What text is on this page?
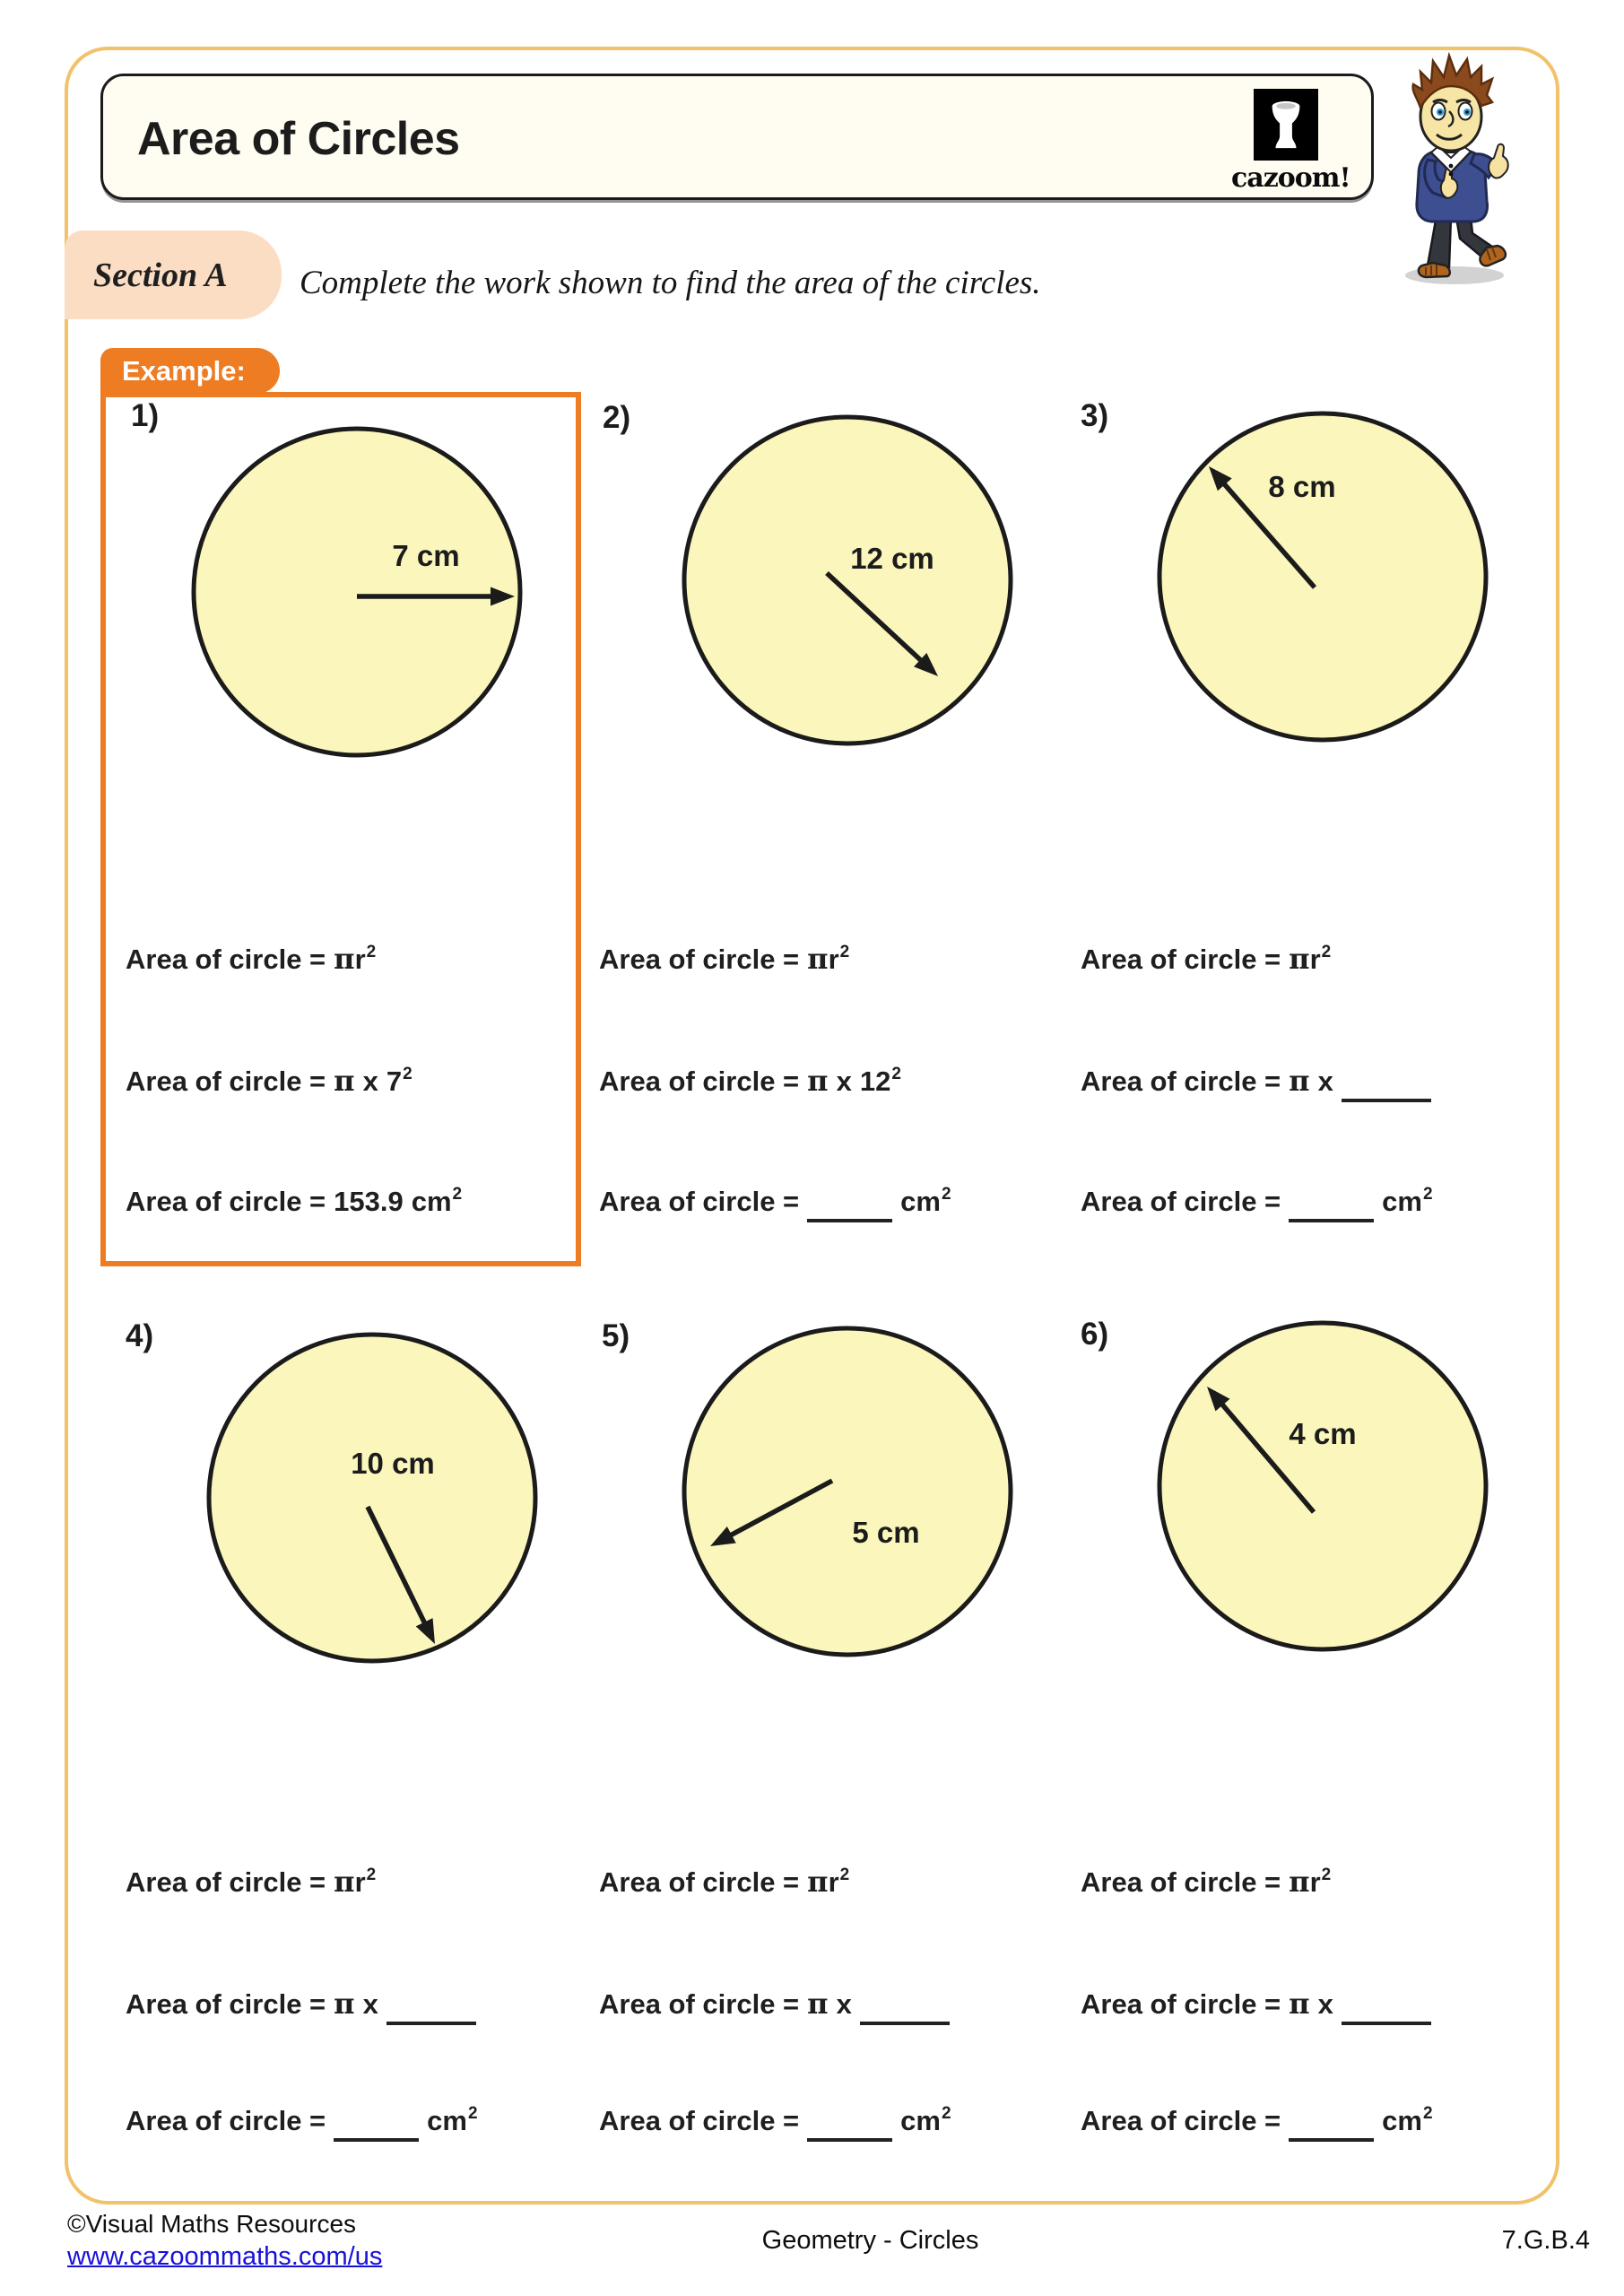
Area of Circles
cazoom!
Section A Complete the work shown to find the area of the circles.
Example:
1)
7 cm
Area of circle = $\pi r^2$
Area of circle = π x $7^2$
Area of circle = 153.9 $cm^2$
2)
12 cm
Area of circle = $\pi r^2$
Area of circle = π x $12^2$
Area of circle =	$cm^2$
3)
8 cm
Area of circle = $\pi r^2$
Area of circle = π x
Area of circle =	$cm^2$
4)
10 cm
Area of circle = $\pi r^2$
Area of circle = π x
Area of circle =	$cm^2$
5)
5 cm
Area of circle = $\pi r^2$
Area of circle = π x
Area of circle =	$cm^2$
6)
4 cm
Area of circle = $\pi r^2$
Area of circle = π x
Area of circle =	$cm^2$
©Visual Maths Resources
www.cazoommaths.com/us
Geometry - Circles	7.G.B.4
